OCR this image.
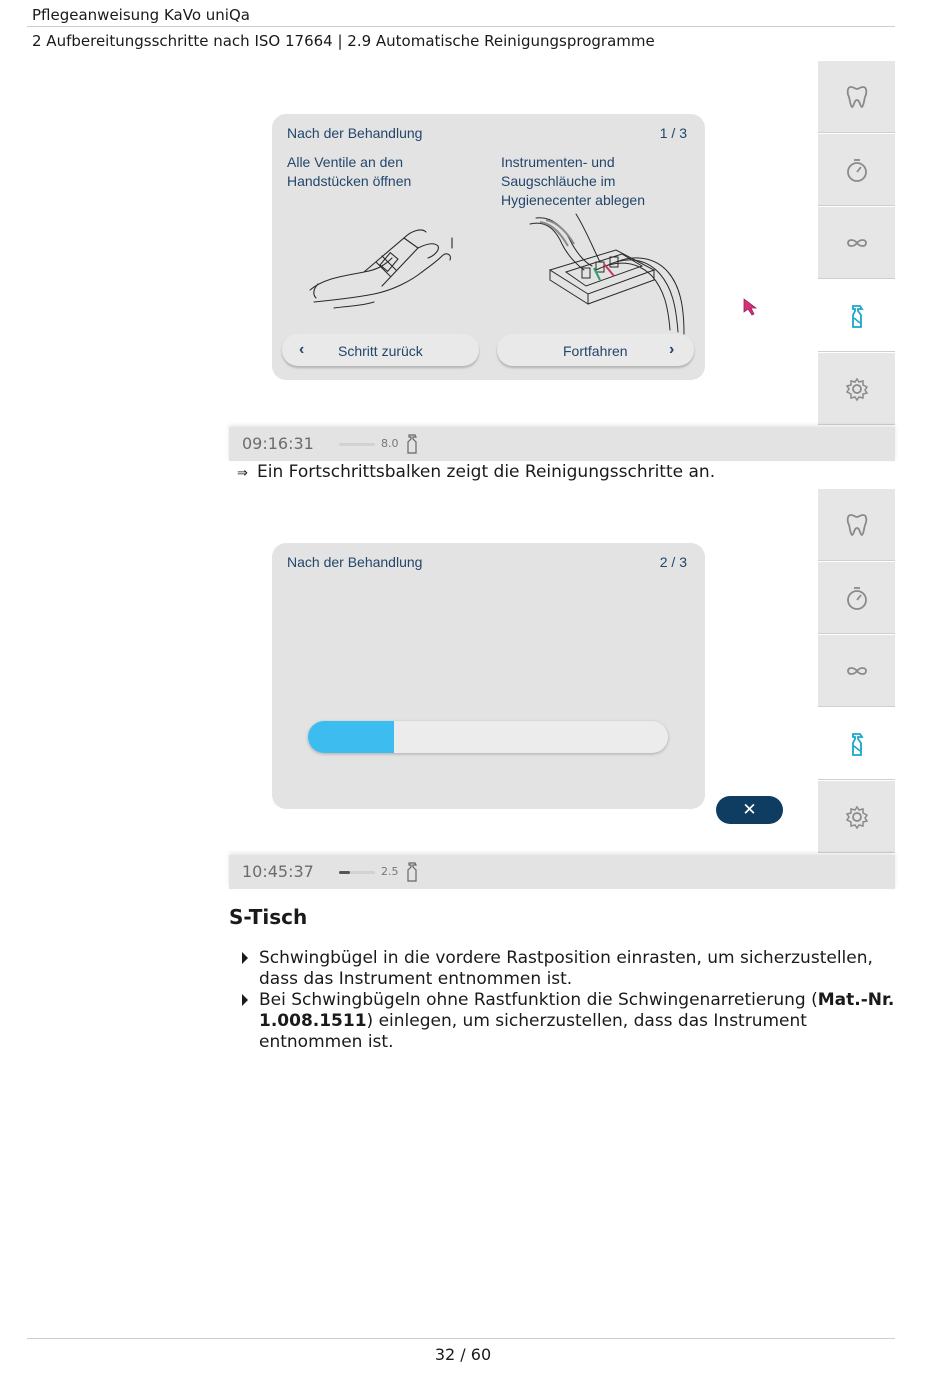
Pflegeanweisung KaVo uniQa
2 Aufbereitungsschritte nach ISO 17664 | 2.9 Automatische Reinigungsprogramme
Nach der Behandlung	1 / 3
Alle Ventile an den Handstücken öffnen
Instrumenten- und Saugschläuche im Hygienecenter ablegen
‹ Schritt zurück	Fortfahren	›
09:16:31	8.0
⇒ Ein Fortschrittsbalken zeigt die Reinigungsschritte an.
Nach der Behandlung	2 / 3
✕
10:45:37	2.5
S-Tisch

Schwingbügel in die vordere Rastposition einrasten, um sicherzustellen, dass das Instrument entnommen ist.

Bei Schwingbügeln ohne Rastfunktion die Schwingenarretierung (Mat.-Nr. 1.008.1511) einlegen, um sicherzustellen, dass das Instrument entnommen ist.

32 / 60
